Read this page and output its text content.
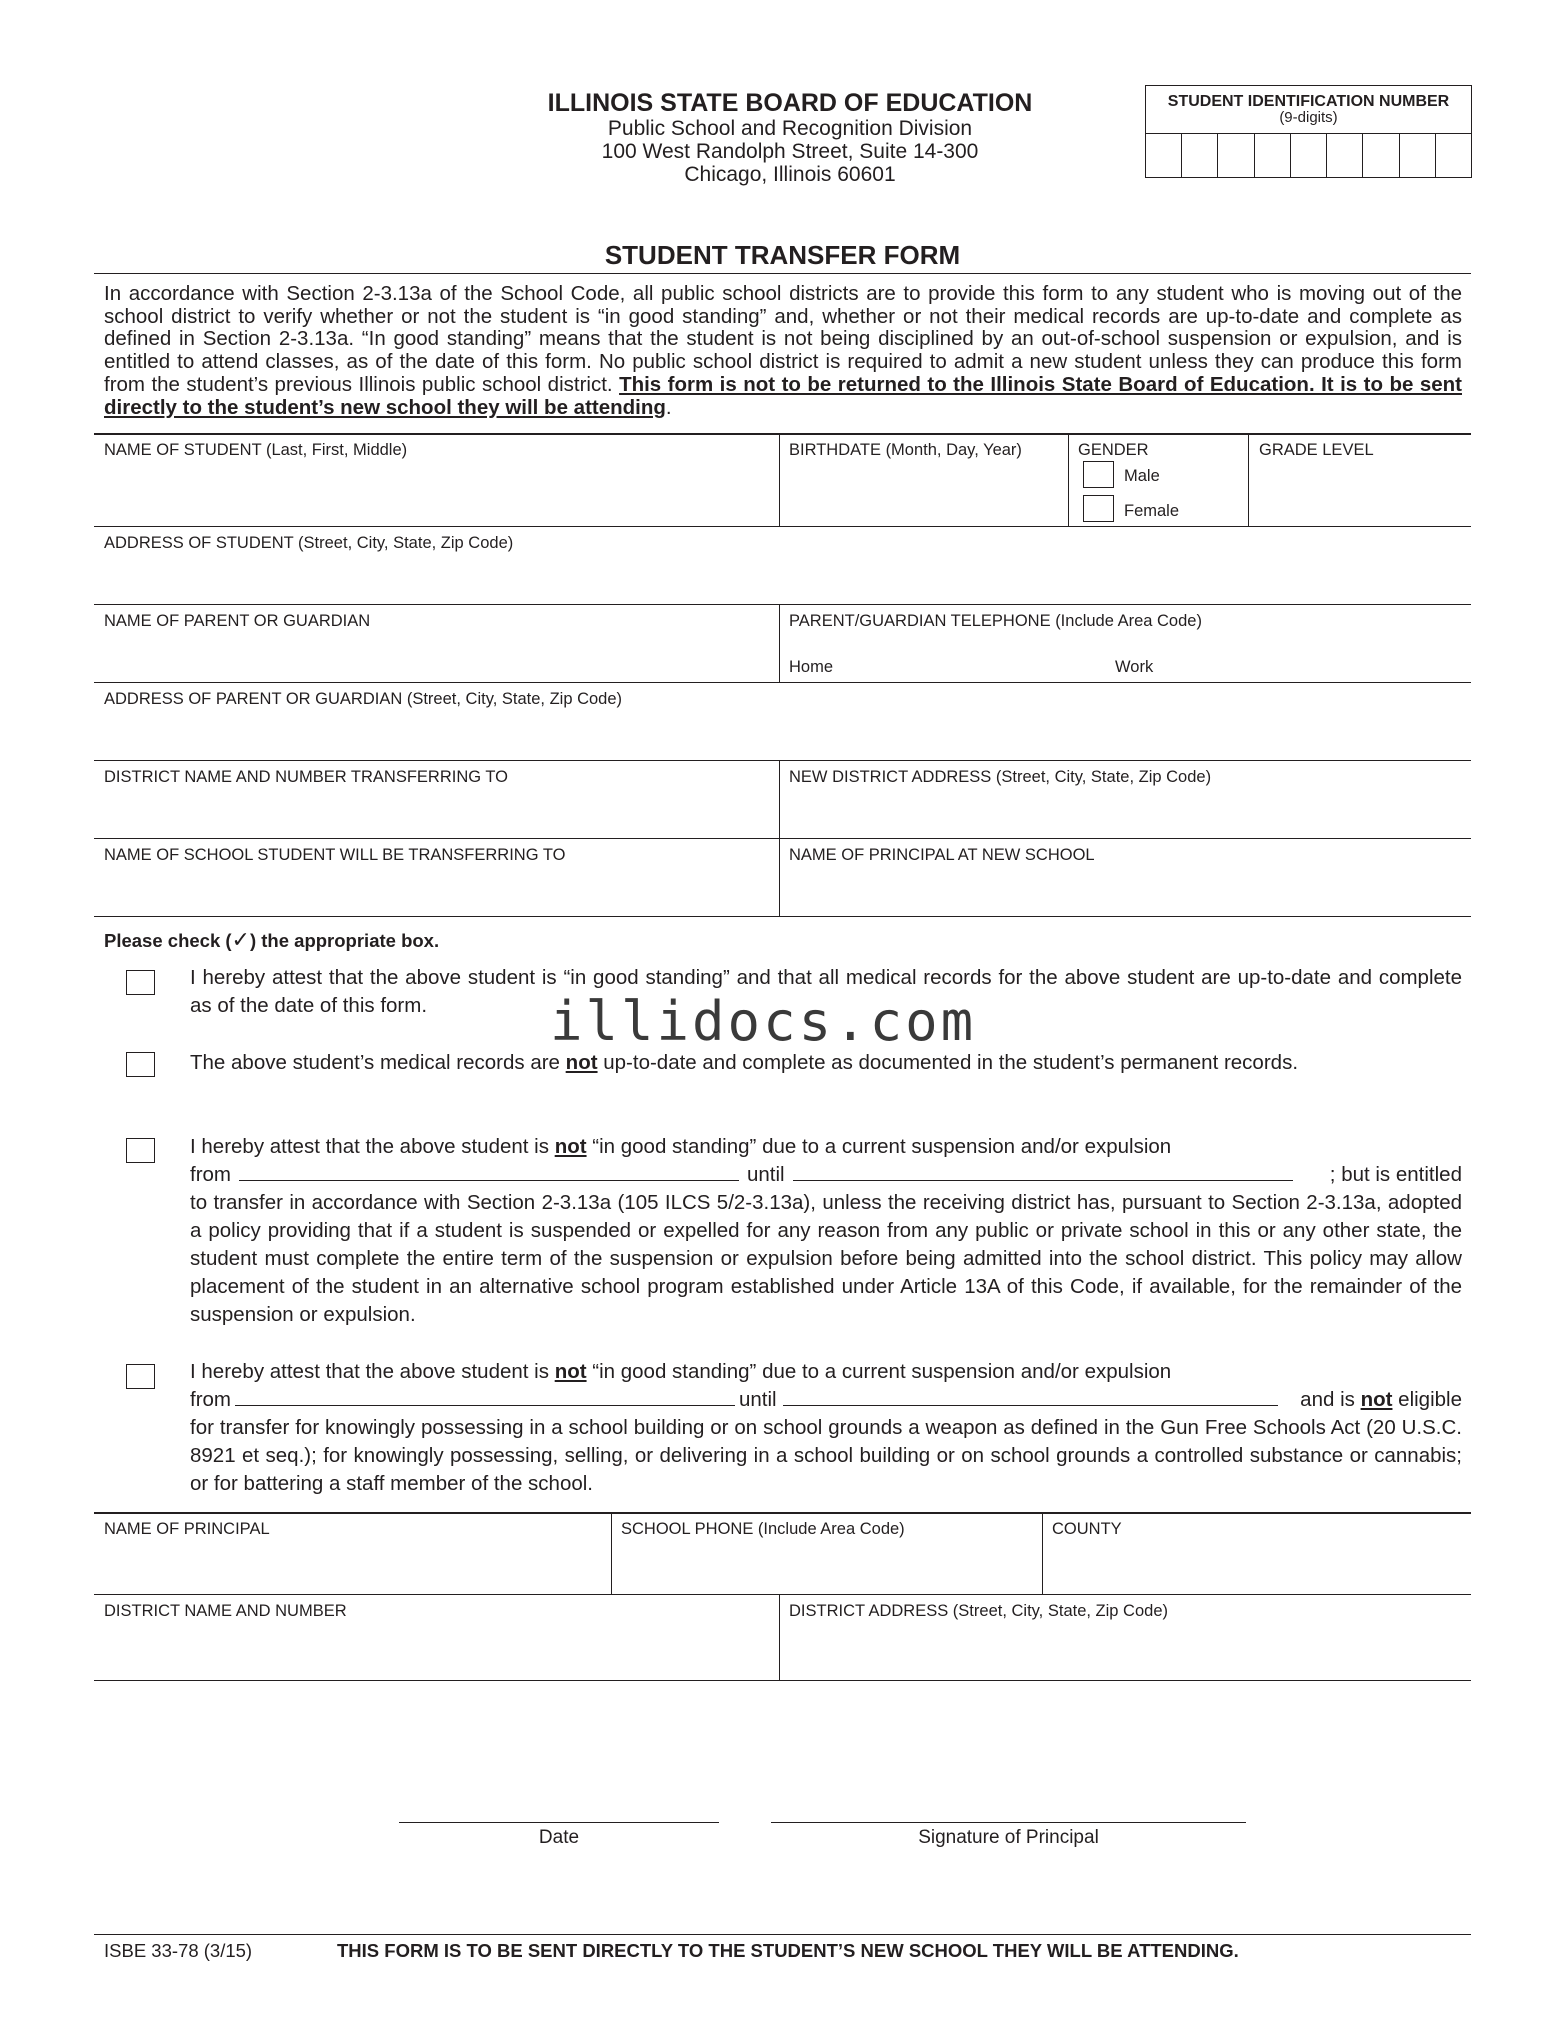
ILLINOIS STATE BOARD OF EDUCATION
Public School and Recognition Division
100 West Randolph Street, Suite 14-300
Chicago, Illinois 60601
STUDENT IDENTIFICATION NUMBER
(9-digits)
STUDENT TRANSFER FORM
In accordance with Section 2-3.13a of the School Code, all public school districts are to provide this form to any student who is moving out of the school district to verify whether or not the student is “in good standing” and, whether or not their medical records are up-to-date and complete as defined in Section 2-3.13a. “In good standing” means that the student is not being disciplined by an out-of-school suspension or expulsion, and is entitled to attend classes, as of the date of this form. No public school district is required to admit a new student unless they can produce this form from the student’s previous Illinois public school district. This form is not to be returned to the Illinois State Board of Education. It is to be sent directly to the student’s new school they will be attending.
NAME OF STUDENT (Last, First, Middle)	BIRTHDATE (Month, Day, Year)	GENDER
Male
Female
GRADE LEVEL
ADDRESS OF STUDENT (Street, City, State, Zip Code)
NAME OF PARENT OR GUARDIAN	PARENT/GUARDIAN TELEPHONE (Include Area Code)
Home	Work
ADDRESS OF PARENT OR GUARDIAN (Street, City, State, Zip Code)
DISTRICT NAME AND NUMBER TRANSFERRING TO	NEW DISTRICT ADDRESS (Street, City, State, Zip Code)
NAME OF SCHOOL STUDENT WILL BE TRANSFERRING TO	NAME OF PRINCIPAL AT NEW SCHOOL
Please check (✓) the appropriate box.
I hereby attest that the above student is “in good standing” and that all medical records for the above student are up-to-date and complete as of the date of this form.
The above student’s medical records are not up-to-date and complete as documented in the student’s permanent records.
I hereby attest that the above student is not “in good standing” due to a current suspension and/or expulsion
from	until	; but is entitled
to transfer in accordance with Section 2-3.13a (105 ILCS 5/2-3.13a), unless the receiving district has, pursuant to Section 2-3.13a, adopted a policy providing that if a student is suspended or expelled for any reason from any public or private school in this or any other state, the student must complete the entire term of the suspension or expulsion before being admitted into the school district. This policy may allow placement of the student in an alternative school program established under Article 13A of this Code, if available, for the remainder of the suspension or expulsion.
I hereby attest that the above student is not “in good standing” due to a current suspension and/or expulsion
from	until	and is not eligible
for transfer for knowingly possessing in a school building or on school grounds a weapon as defined in the Gun Free Schools Act (20 U.S.C. 8921 et seq.); for knowingly possessing, selling, or delivering in a school building or on school grounds a controlled substance or cannabis; or for battering a staff member of the school.
illidocs.com
NAME OF PRINCIPAL	SCHOOL PHONE (Include Area Code)	COUNTY
DISTRICT NAME AND NUMBER	DISTRICT ADDRESS (Street, City, State, Zip Code)
Date	Signature of Principal
ISBE 33-78 (3/15)	THIS FORM IS TO BE SENT DIRECTLY TO THE STUDENT’S NEW SCHOOL THEY WILL BE ATTENDING.
